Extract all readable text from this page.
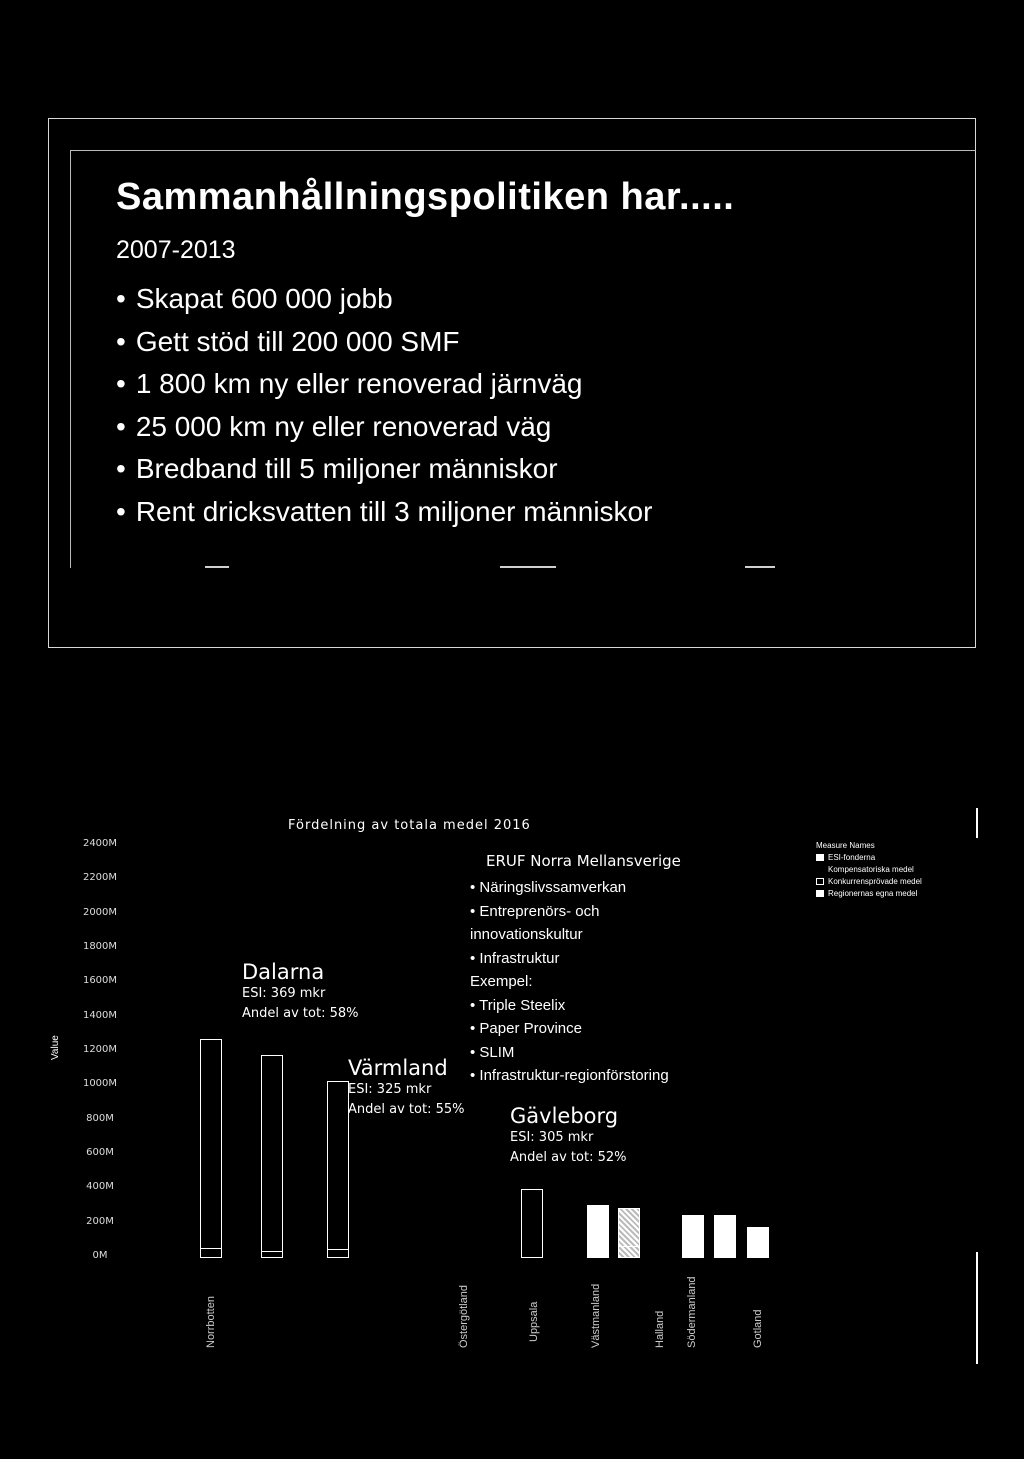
Sammanhållningspolitiken har.....
2007-2013
• Skapat 600 000 jobb
• Gett stöd till 200 000 SMF
• 1 800 km ny eller renoverad järnväg
• 25 000 km ny eller renoverad väg
• Bredband till 5 miljoner människor
• Rent dricksvatten till 3 miljoner människor
Fördelning av totala medel 2016
Value
2400M
2200M
2000M
1800M
1600M
1400M
1200M
1000M
800M
600M
400M
200M
0M
Norrbotten	Östergötland	Uppsala	Västmanland	Halland Södermanland	Gotland
Dalarna
ESI: 369 mkr
Andel av tot: 58%
Värmland
ESI: 325 mkr
Andel av tot: 55% Gävleborg
ESI: 305 mkr
Andel av tot: 52%
ERUF Norra Mellansverige
• Näringslivssamverkan
• Entreprenörs- och
innovationskultur
• Infrastruktur
Exempel:
• Triple Steelix
• Paper Province
• SLIM
• Infrastruktur-regionförstoring
Measure Names
ESI-fonderna
Kompensatoriska medel
Konkurrensprövade medel
Regionernas egna medel
